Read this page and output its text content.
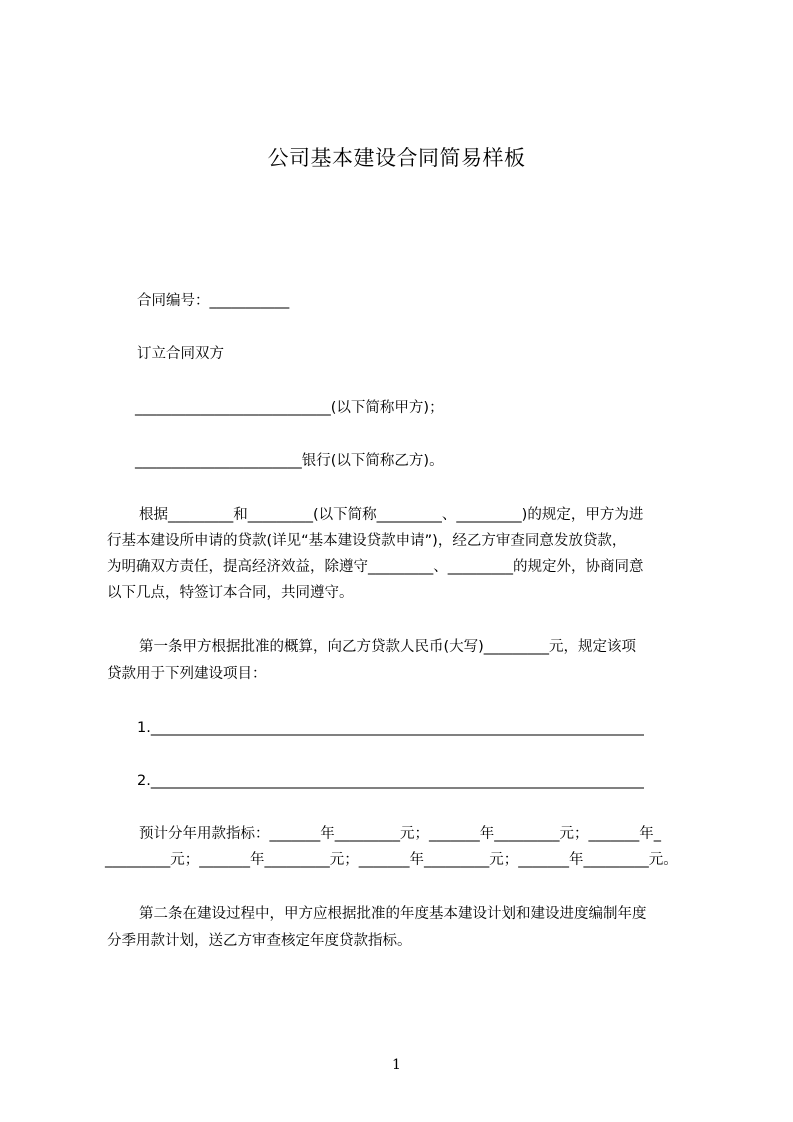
公司基本建设合同简易样板
合同编号：___________
订立合同双方
___________________________(以下简称甲方)；
_______________________银行(以下简称乙方)。
根据_________和_________(以下简称_________、_________)的规定，甲方为进
行基本建设所申请的贷款(详见“基本建设贷款申请”)，经乙方审查同意发放贷款，
为明确双方责任，提高经济效益，除遵守_________、_________的规定外，协商同意
以下几点，特签订本合同，共同遵守。
第一条甲方根据批准的概算，向乙方贷款人民币(大写)_________元，规定该项
贷款用于下列建设项目：
1.____________________________________________________________________
2.____________________________________________________________________
预计分年用款指标：_______年_________元；_______年_________元；_______年_
_________元；_______年_________元；_______年_________元；_______年_________元。
第二条在建设过程中，甲方应根据批准的年度基本建设计划和建设进度编制年度
分季用款计划，送乙方审查核定年度贷款指标。
1
